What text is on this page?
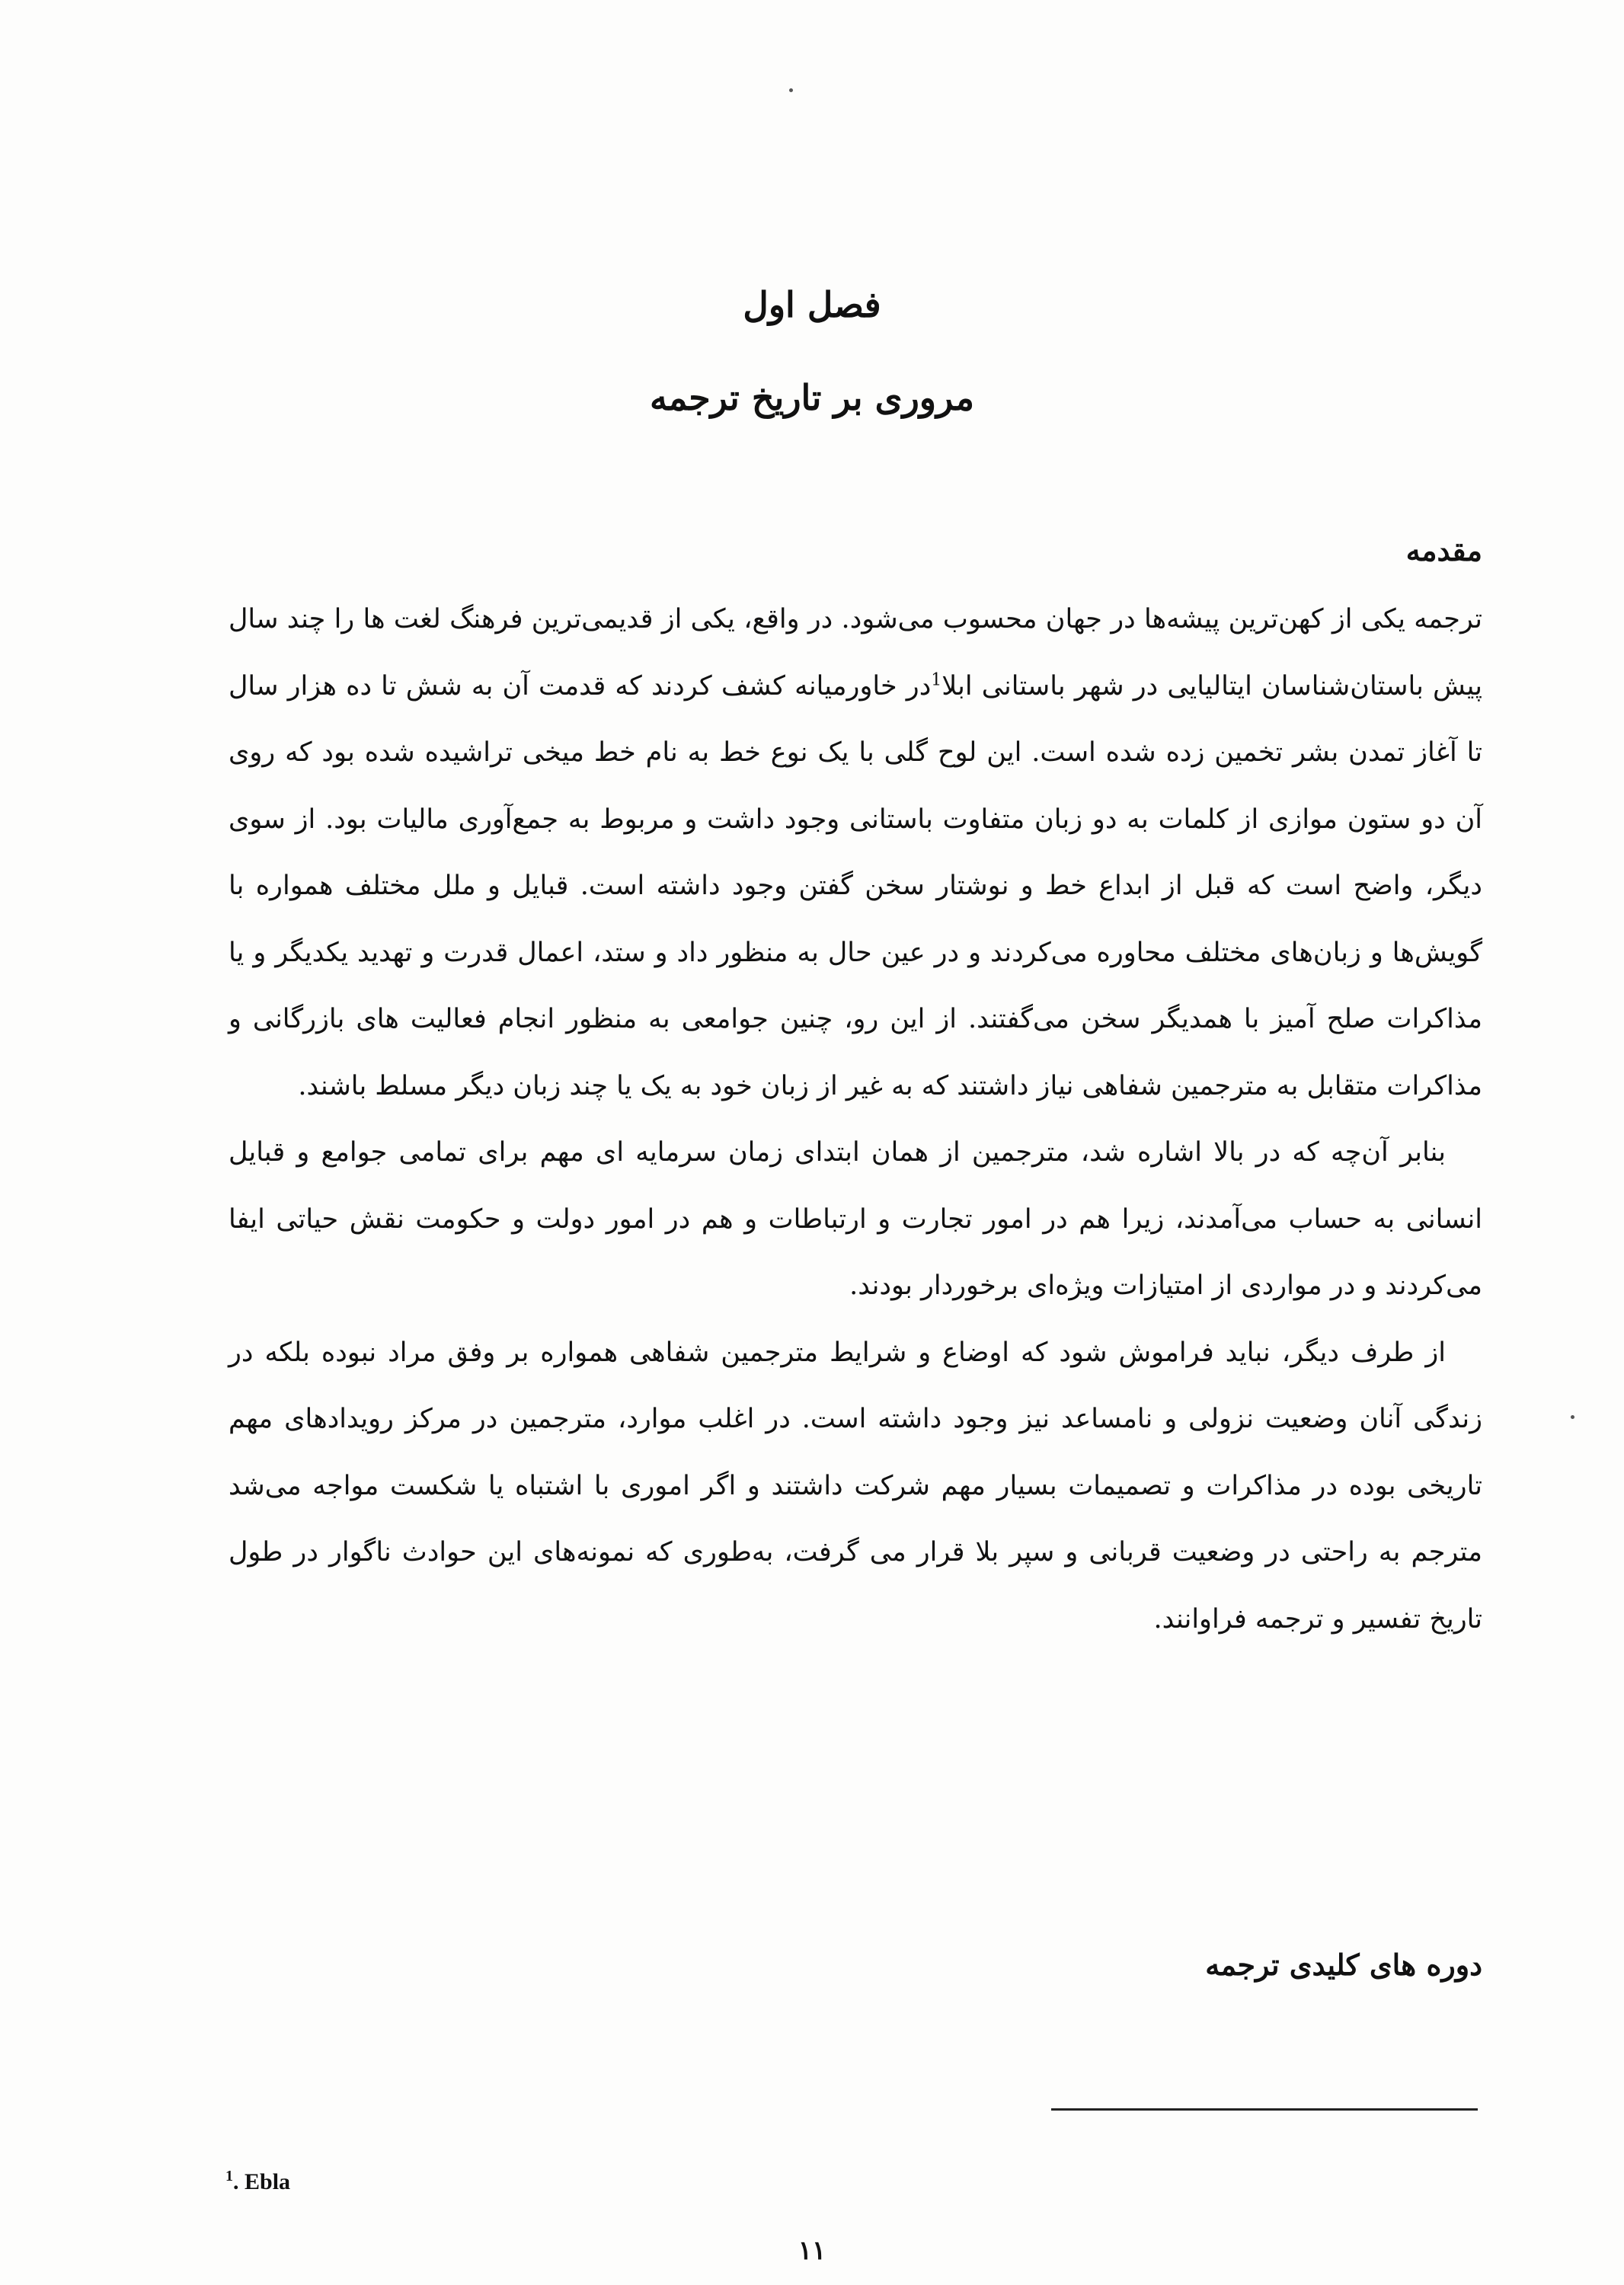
فصل اول
مروری بر تاریخ ترجمه
مقدمه

ترجمه یکی از کهن‌ترین پیشه‌ها در جهان محسوب می‌شود. در واقع، یکی از قدیمی‌ترین فرهنگ لغت ها را چند سال پیش باستان‌شناسان ایتالیایی در شهر باستانی ابلا$^1$در خاورمیانه کشف کردند که قدمت آن به شش تا ده هزار سال تا آغاز تمدن بشر تخمین زده شده است. این لوح گلی با یک نوع خط به نام خط میخی تراشیده شده بود که روی آن دو ستون موازی از کلمات به دو زبان متفاوت باستانی وجود داشت و مربوط به جمع‌آوری مالیات بود. از سوی دیگر، واضح است که قبل از ابداع خط و نوشتار سخن گفتن وجود داشته است. قبایل و ملل مختلف همواره با گویش‌ها و زبان‌های مختلف محاوره می‌کردند و در عین حال به منظور داد و ستد، اعمال قدرت و تهدید یکدیگر و یا مذاکرات صلح آمیز با همدیگر سخن می‌گفتند. از این رو، چنین جوامعی به منظور انجام فعالیت های بازرگانی و مذاکرات متقابل به مترجمین شفاهی نیاز داشتند که به غیر از زبان خود به یک یا چند زبان دیگر مسلط باشند.

بنابر آن‌چه که در بالا اشاره شد، مترجمین از همان ابتدای زمان سرمایه ای مهم برای تمامی جوامع و قبایل انسانی به حساب می‌آمدند، زیرا هم در امور تجارت و ارتباطات و هم در امور دولت و حکومت نقش حیاتی ایفا می‌کردند و در مواردی از امتیازات ویژه‌ای برخوردار بودند.

از طرف دیگر، نباید فراموش شود که اوضاع و شرایط مترجمین شفاهی همواره بر وفق مراد نبوده بلکه در زندگی آنان وضعیت نزولی و نامساعد نیز وجود داشته است. در اغلب موارد، مترجمین در مرکز رویدادهای مهم تاریخی بوده در مذاکرات و تصمیمات بسیار مهم شرکت داشتند و اگر اموری با اشتباه یا شکست مواجه می‌شد مترجم به راحتی در وضعیت قربانی و سپر بلا قرار می گرفت، به‌طوری که نمونه‌های این حوادث ناگوار در طول تاریخ تفسیر و ترجمه فراوانند.

دوره های کلیدی ترجمه
$^1$. Ebla
۱۱
